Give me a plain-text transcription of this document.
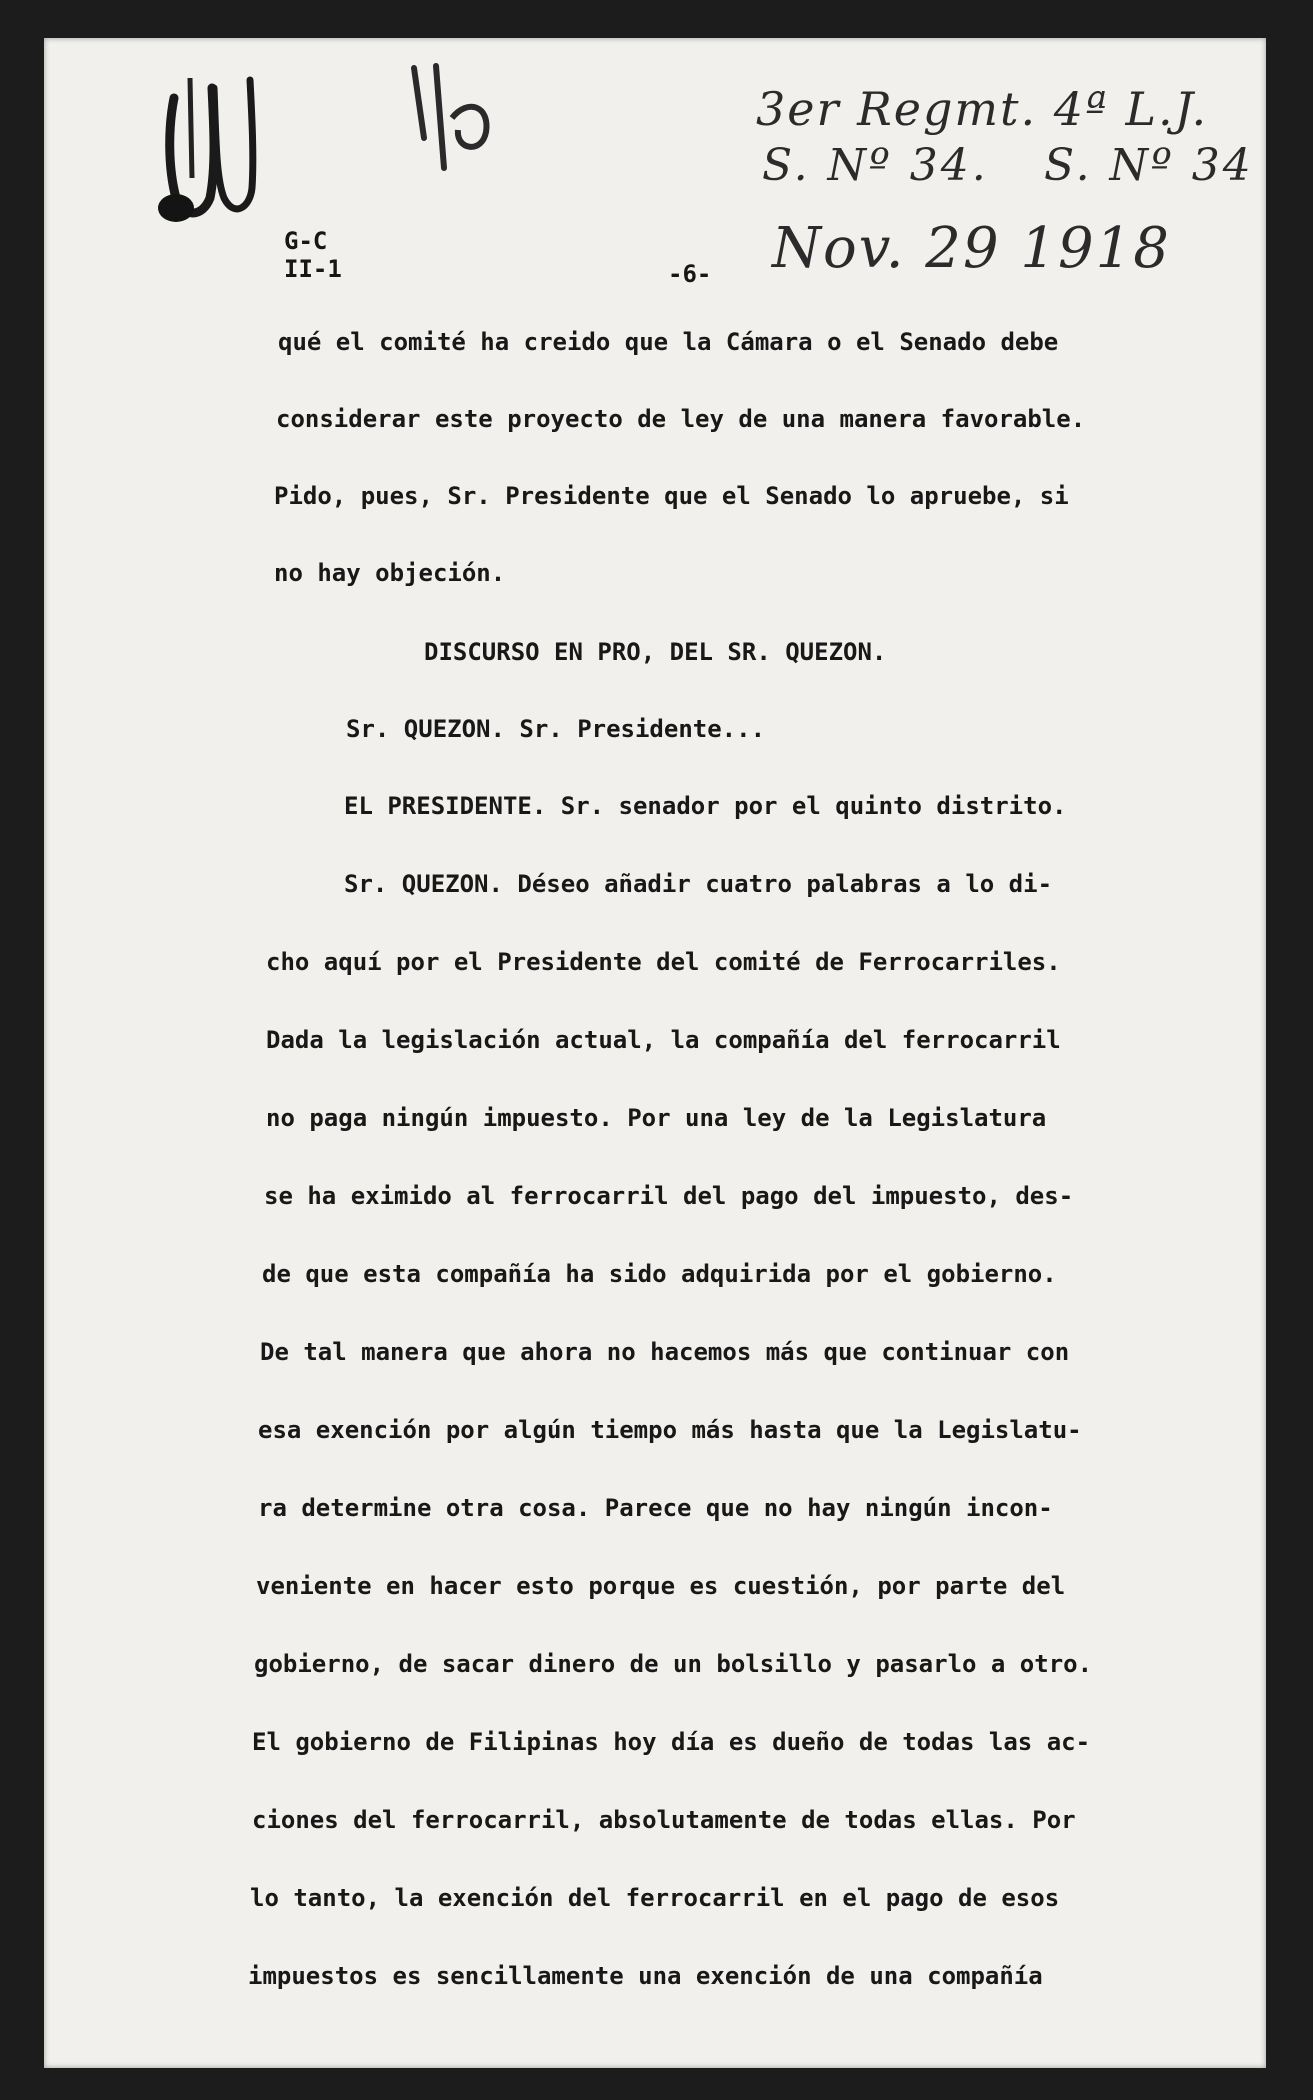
3er Regmt. 4ª L.J.
S. Nº 34. S. Nº 34
Nov. 29 1918
G-C
II-1	-6-
qué el comité ha creido que la Cámara o el Senado debe
considerar este proyecto de ley de una manera favorable.
Pido, pues, Sr. Presidente que el Senado lo apruebe, si
no hay objeción.
DISCURSO EN PRO, DEL SR. QUEZON.
Sr. QUEZON. Sr. Presidente...
EL PRESIDENTE. Sr. senador por el quinto distrito.
Sr. QUEZON. Déseo añadir cuatro palabras a lo di-
cho aquí por el Presidente del comité de Ferrocarriles.
Dada la legislación actual, la compañía del ferrocarril
no paga ningún impuesto. Por una ley de la Legislatura
se ha eximido al ferrocarril del pago del impuesto, des-
de que esta compañía ha sido adquirida por el gobierno.
De tal manera que ahora no hacemos más que continuar con
esa exención por algún tiempo más hasta que la Legislatu-
ra determine otra cosa. Parece que no hay ningún incon-
veniente en hacer esto porque es cuestión, por parte del
gobierno, de sacar dinero de un bolsillo y pasarlo a otro.
El gobierno de Filipinas hoy día es dueño de todas las ac-
ciones del ferrocarril, absolutamente de todas ellas. Por
lo tanto, la exención del ferrocarril en el pago de esos
impuestos es sencillamente una exención de una compañía
